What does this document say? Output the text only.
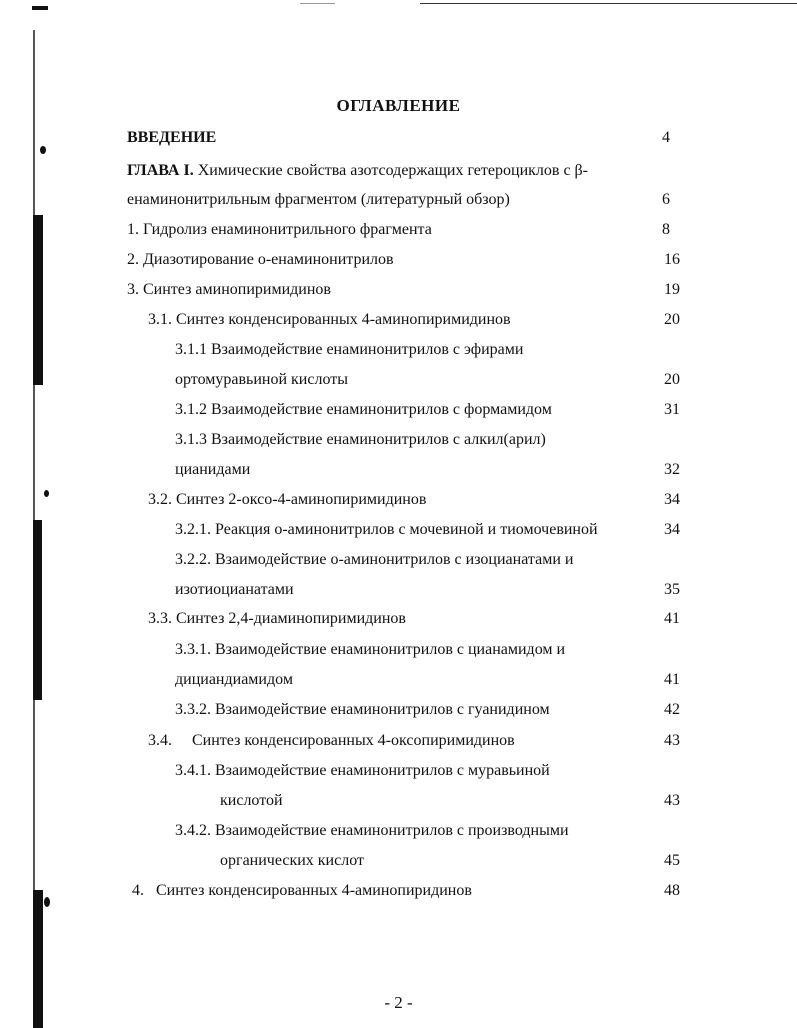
ОГЛАВЛЕНИЕ
ВВЕДЕНИЕ	4
ГЛАВА I. Химические свойства азотсодержащих гетероциклов с β-
енаминонитрильным фрагментом (литературный обзор)	6
1. Гидролиз енаминонитрильного фрагмента	8
2. Диазотирование о-енаминонитрилов	16
3. Синтез аминопиримидинов	19
3.1. Синтез конденсированных 4-аминопиримидинов	20
3.1.1 Взаимодействие енаминонитрилов с эфирами
ортомуравьиной кислоты	20
3.1.2 Взаимодействие енаминонитрилов с формамидом	31
3.1.3 Взаимодействие енаминонитрилов с алкил(арил)
цианидами	32
3.2. Синтез 2-оксо-4-аминопиримидинов	34
3.2.1. Реакция о-аминонитрилов с мочевиной и тиомочевиной	34
3.2.2. Взаимодействие о-аминонитрилов с изоцианатами и
изотиоцианатами	35
3.3. Синтез 2,4-диаминопиримидинов	41
3.3.1. Взаимодействие енаминонитрилов с цианамидом и
дициандиамидом	41
3.3.2. Взаимодействие енаминонитрилов с гуанидином	42
3.4.     Синтез конденсированных 4-оксопиримидинов	43
3.4.1. Взаимодействие енаминонитрилов с муравьиной
кислотой	43
3.4.2. Взаимодействие енаминонитрилов с производными
органических кислот	45
4.   Синтез конденсированных 4-аминопиридинов	48
- 2 -
